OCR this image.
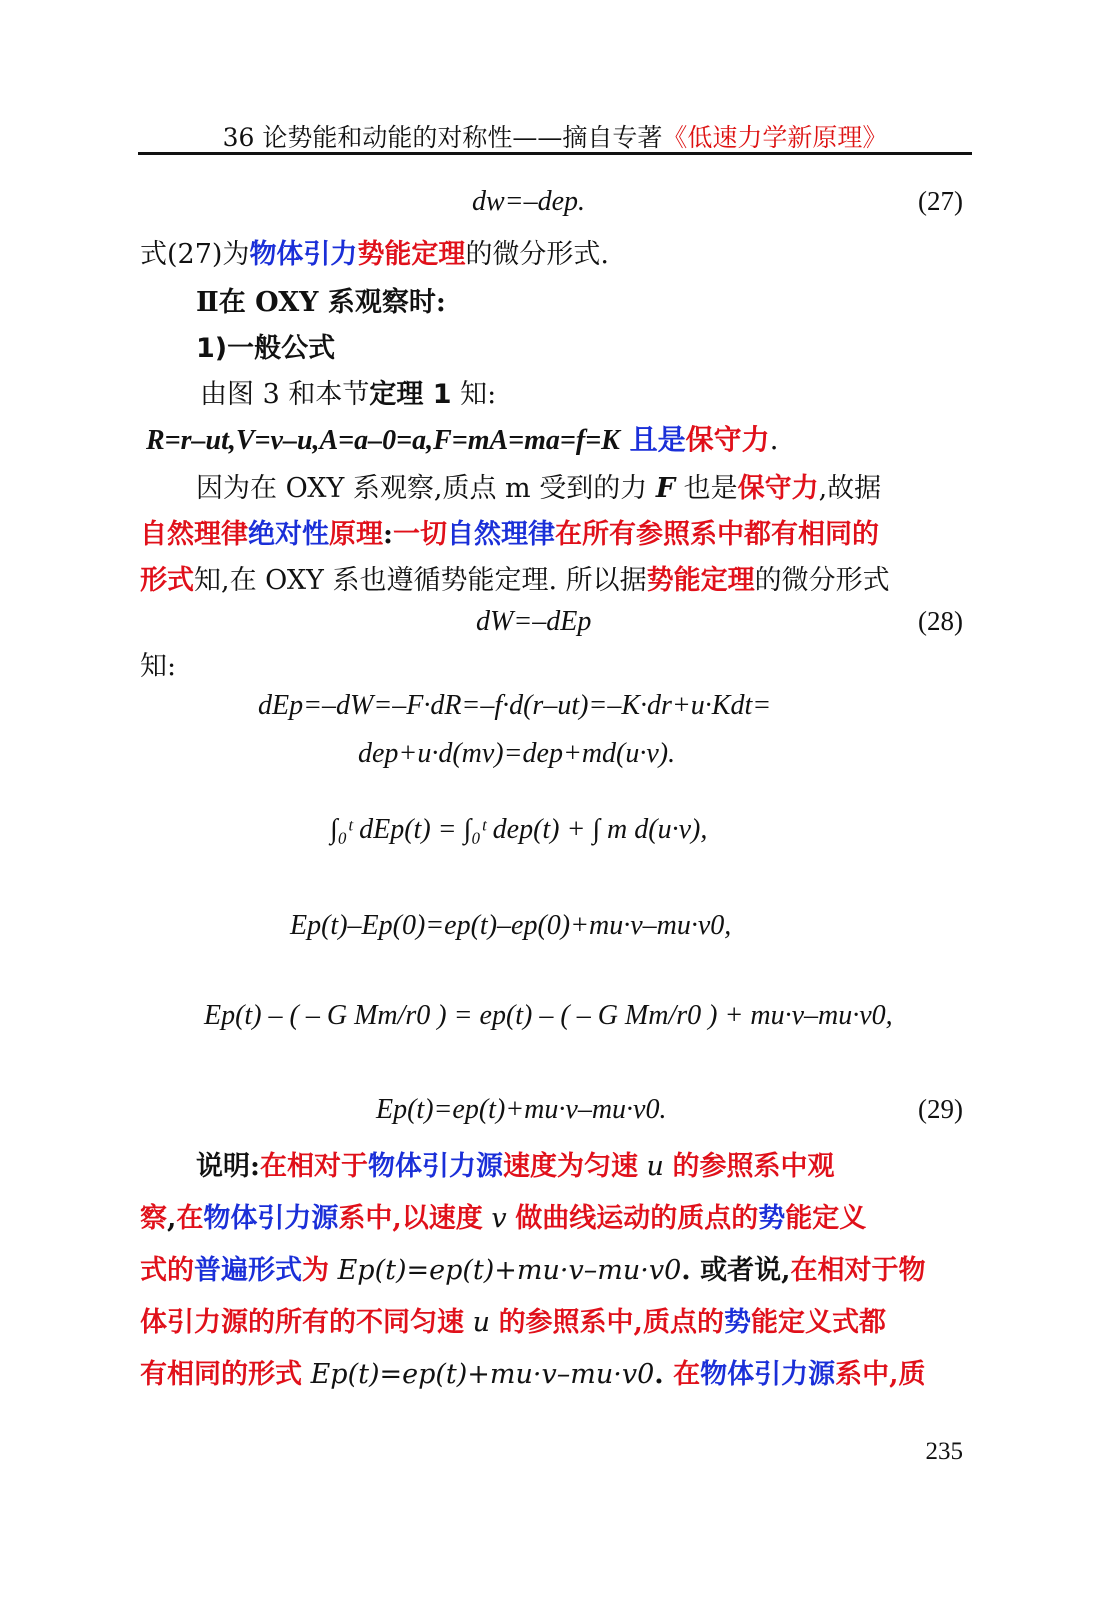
36 论势能和动能的对称性——摘自专著《低速力学新原理》
dw=–dep.	(27)
式(27)为物体引力势能定理的微分形式.
Ⅱ在 OXY 系观察时:
1)一般公式
由图 3 和本节定理 1 知:
R=r–ut,V=v–u,A=a–0=a,F=mA=ma=f=K 且是保守力.
因为在 OXY 系观察,质点 m 受到的力 F 也是保守力,故据
自然理律绝对性原理:一切自然理律在所有参照系中都有相同的
形式知,在 OXY 系也遵循势能定理. 所以据势能定理的微分形式
dW=–dEp	(28)
知:
dEp=–dW=–F·dR=–f·d(r–ut)=–K·dr+u·Kdt=
dep+u·d(mv)=dep+md(u·v).
∫₀ᵗ dEp(t) = ∫₀ᵗ dep(t) + ∫ m d(u·v),
Ep(t)–Ep(0)=ep(t)–ep(0)+mu·v–mu·v0,
Ep(t) – ( – G Mm/r0 ) = ep(t) – ( – G Mm/r0 ) + mu·v–mu·v0,
Ep(t)=ep(t)+mu·v–mu·v0.	(29)
说明:在相对于物体引力源速度为匀速 u 的参照系中观
察,在物体引力源系中,以速度 v 做曲线运动的质点的势能定义
式的普遍形式为 Ep(t)=ep(t)+mu·v–mu·v0. 或者说,在相对于物
体引力源的所有的不同匀速 u 的参照系中,质点的势能定义式都
有相同的形式 Ep(t)=ep(t)+mu·v–mu·v0. 在物体引力源系中,质
235
